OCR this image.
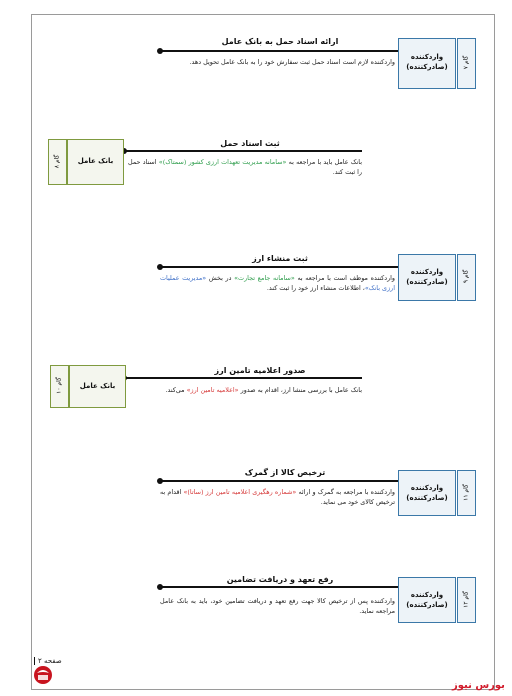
ارائه اسناد حمل به بانک عامل
واردکننده لازم است اسناد حمل ثبت سفارش خود را به بانک عامل تحویل دهد.
واردکننده
(صادرکننده)	گام ۷
ثبت اسناد حمل
بانک عامل باید با مراجعه به «سامانه مدیریت تعهدات ارزی کشور (سمتاک)» اسناد حمل را ثبت کند.
گام ۸	بانک عامل
ثبت منشاء ارز
واردکننده موظف است با مراجعه به «سامانه جامع تجارت» در بخش «مدیریت عملیات ارزی بانک»، اطلاعات منشاء ارز خود را ثبت کند.
واردکننده
(صادرکننده)	گام ۹
صدور اعلامیه تامین ارز
بانک عامل با بررسی منشا ارز، اقدام به صدور «اعلامیه تامین ارز» می‌کند.
گام ۱۰	بانک عامل
ترخیص کالا از گمرک
واردکننده با مراجعه به گمرک و ارائه «شماره رهگیری اعلامیه تامین ارز (ساتا)» اقدام به ترخیص کالای خود می نماید.
واردکننده
(صادرکننده)	گام ۱۱
رفع تعهد و دریافت تضامین
واردکننده پس از ترخیص کالا جهت رفع تعهد و دریافت تضامین خود، باید به بانک عامل مراجعه نماید.
واردکننده
(صادرکننده)	گام ۱۲
صفحه ۲
بورس نیوز
